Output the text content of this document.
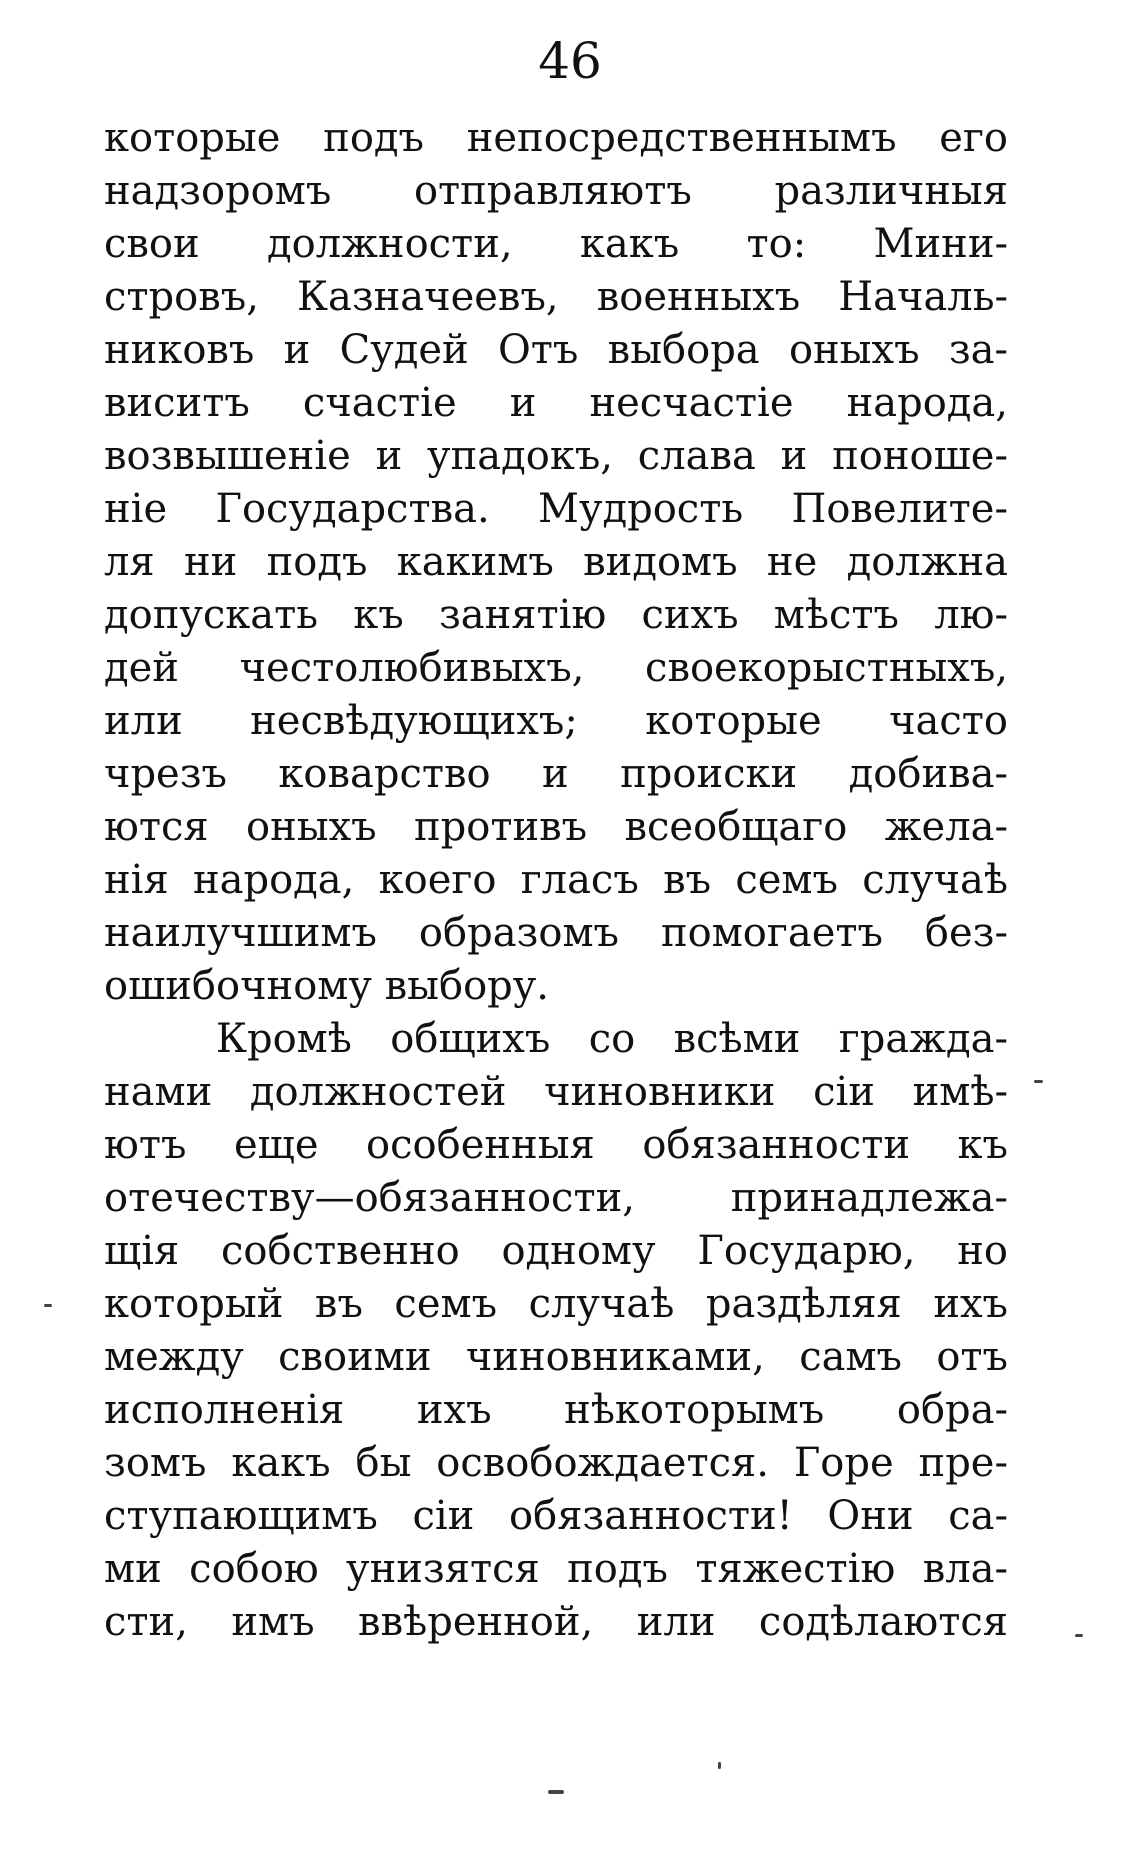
46
которые подъ непосредственнымъ его
надзоромъ отправляютъ различныя
свои должности, какъ то: Мини-
стровъ, Казначеевъ, военныхъ Началь-
никовъ и Судей Отъ выбора оныхъ за-
виситъ счастіе и несчастіе народа,
возвышеніе и упадокъ, слава и поноше-
ніе Государства. Мудрость Повелите-
ля ни подъ какимъ видомъ не должна
допускать къ занятію сихъ мѣстъ лю-
дей честолюбивыхъ, своекорыстныхъ,
или несвѣдующихъ; которые часто
чрезъ коварство и происки добива-
ются оныхъ противъ всеобщаго жела-
нія народа, коего гласъ въ семъ случаѣ
наилучшимъ образомъ помогаетъ без-
ошибочному выбору.
Кромѣ общихъ со всѣми гражда-
нами должностей чиновники сіи имѣ-
ютъ еще особенныя обязанности къ
отечеству—обязанности, принадлежа-
щія собственно одному Государю, но
который въ семъ случаѣ раздѣляя ихъ
между своими чиновниками, самъ отъ
исполненія ихъ нѣкоторымъ обра-
зомъ какъ бы освобождается. Горе пре-
ступающимъ сіи обязанности! Они са-
ми собою унизятся подъ тяжестію вла-
сти, имъ ввѣренной, или содѣлаются
